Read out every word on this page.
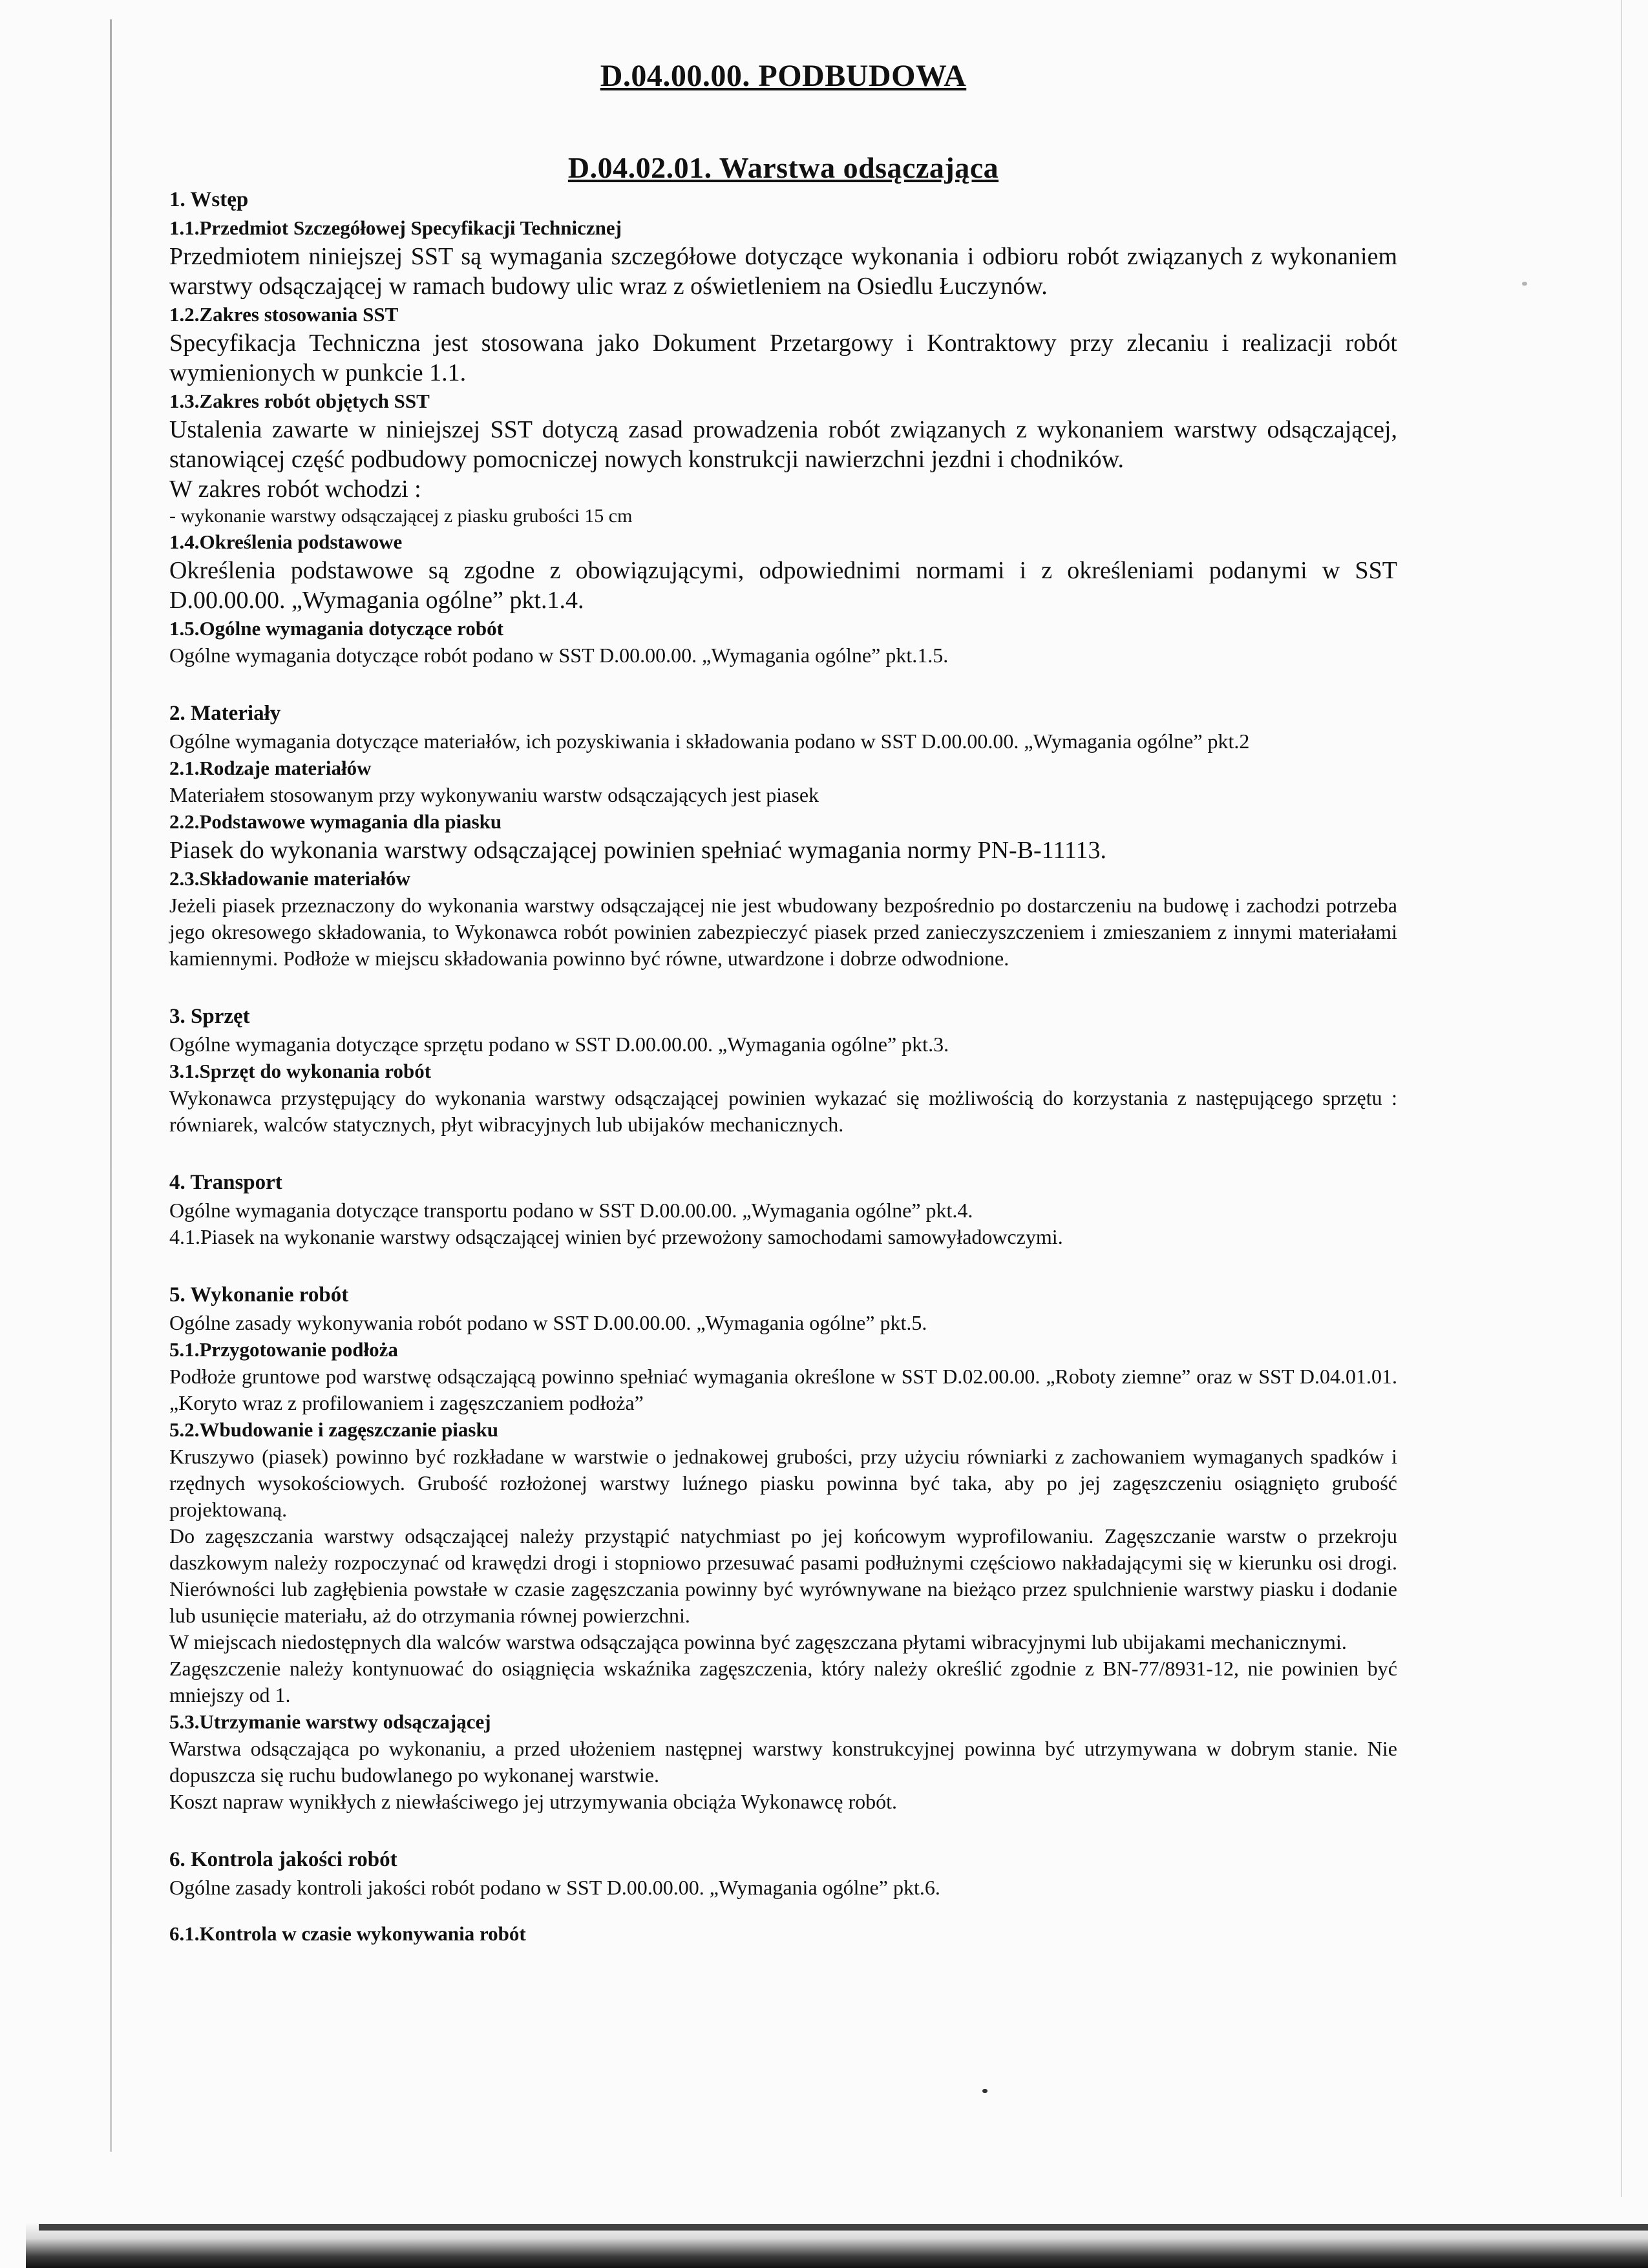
D.04.00.00. PODBUDOWA
D.04.02.01. Warstwa odsączająca
1. Wstęp
1.1.Przedmiot Szczegółowej Specyfikacji Technicznej

Przedmiotem niniejszej SST są wymagania szczegółowe dotyczące wykonania i odbioru robót związanych z wykonaniem warstwy odsączającej w ramach budowy ulic wraz z oświetleniem na Osiedlu Łuczynów.

1.2.Zakres stosowania SST

Specyfikacja Techniczna jest stosowana jako Dokument Przetargowy i Kontraktowy przy zlecaniu i realizacji robót wymienionych w punkcie 1.1.

1.3.Zakres robót objętych SST

Ustalenia zawarte w niniejszej SST dotyczą zasad prowadzenia robót związanych z wykonaniem warstwy odsączającej, stanowiącej część podbudowy pomocniczej nowych konstrukcji nawierzchni jezdni i chodników.

W zakres robót wchodzi :

- wykonanie warstwy odsączającej z piasku grubości 15 cm

1.4.Określenia podstawowe

Określenia podstawowe są zgodne z obowiązującymi, odpowiednimi normami i z określeniami podanymi w SST D.00.00.00. „Wymagania ogólne” pkt.1.4.

1.5.Ogólne wymagania dotyczące robót

Ogólne wymagania dotyczące robót podano w SST D.00.00.00. „Wymagania ogólne” pkt.1.5.

2. Materiały

Ogólne wymagania dotyczące materiałów, ich pozyskiwania i składowania podano w SST D.00.00.00. „Wymagania ogólne” pkt.2

2.1.Rodzaje materiałów

Materiałem stosowanym przy wykonywaniu warstw odsączających jest piasek

2.2.Podstawowe wymagania dla piasku

Piasek do wykonania warstwy odsączającej powinien spełniać wymagania normy PN-B-11113.

2.3.Składowanie materiałów

Jeżeli piasek przeznaczony do wykonania warstwy odsączającej nie jest wbudowany bezpośrednio po dostarczeniu na budowę i zachodzi potrzeba jego okresowego składowania, to Wykonawca robót powinien zabezpieczyć piasek przed zanieczyszczeniem i zmieszaniem z innymi materiałami kamiennymi. Podłoże w miejscu składowania powinno być równe, utwardzone i dobrze odwodnione.

3. Sprzęt

Ogólne wymagania dotyczące sprzętu podano w SST D.00.00.00. „Wymagania ogólne” pkt.3.

3.1.Sprzęt do wykonania robót

Wykonawca przystępujący do wykonania warstwy odsączającej powinien wykazać się możliwością do korzystania z następującego sprzętu : równiarek, walców statycznych, płyt wibracyjnych lub ubijaków mechanicznych.

4. Transport

Ogólne wymagania dotyczące transportu podano w SST D.00.00.00. „Wymagania ogólne” pkt.4.

4.1.Piasek na wykonanie warstwy odsączającej winien być przewożony samochodami samowyładowczymi.

5. Wykonanie robót

Ogólne zasady wykonywania robót podano w SST D.00.00.00. „Wymagania ogólne” pkt.5.

5.1.Przygotowanie podłoża

Podłoże gruntowe pod warstwę odsączającą powinno spełniać wymagania określone w SST D.02.00.00. „Roboty ziemne” oraz w SST D.04.01.01. „Koryto wraz z profilowaniem i zagęszczaniem podłoża”

5.2.Wbudowanie i zagęszczanie piasku

Kruszywo (piasek) powinno być rozkładane w warstwie o jednakowej grubości, przy użyciu równiarki z zachowaniem wymaganych spadków i rzędnych wysokościowych. Grubość rozłożonej warstwy luźnego piasku powinna być taka, aby po jej zagęszczeniu osiągnięto grubość projektowaną.

Do zagęszczania warstwy odsączającej należy przystąpić natychmiast po jej końcowym wyprofilowaniu. Zagęszczanie warstw o przekroju daszkowym należy rozpoczynać od krawędzi drogi i stopniowo przesuwać pasami podłużnymi częściowo nakładającymi się w kierunku osi drogi. Nierówności lub zagłębienia powstałe w czasie zagęszczania powinny być wyrównywane na bieżąco przez spulchnienie warstwy piasku i dodanie lub usunięcie materiału, aż do otrzymania równej powierzchni.

W miejscach niedostępnych dla walców warstwa odsączająca powinna być zagęszczana płytami wibracyjnymi lub ubijakami mechanicznymi.

Zagęszczenie należy kontynuować do osiągnięcia wskaźnika zagęszczenia, który należy określić zgodnie z BN-77/8931-12, nie powinien być mniejszy od 1.

5.3.Utrzymanie warstwy odsączającej

Warstwa odsączająca po wykonaniu, a przed ułożeniem następnej warstwy konstrukcyjnej powinna być utrzymywana w dobrym stanie. Nie dopuszcza się ruchu budowlanego po wykonanej warstwie.

Koszt napraw wynikłych z niewłaściwego jej utrzymywania obciąża Wykonawcę robót.

6. Kontrola jakości robót

Ogólne zasady kontroli jakości robót podano w SST D.00.00.00. „Wymagania ogólne” pkt.6.

6.1.Kontrola w czasie wykonywania robót
